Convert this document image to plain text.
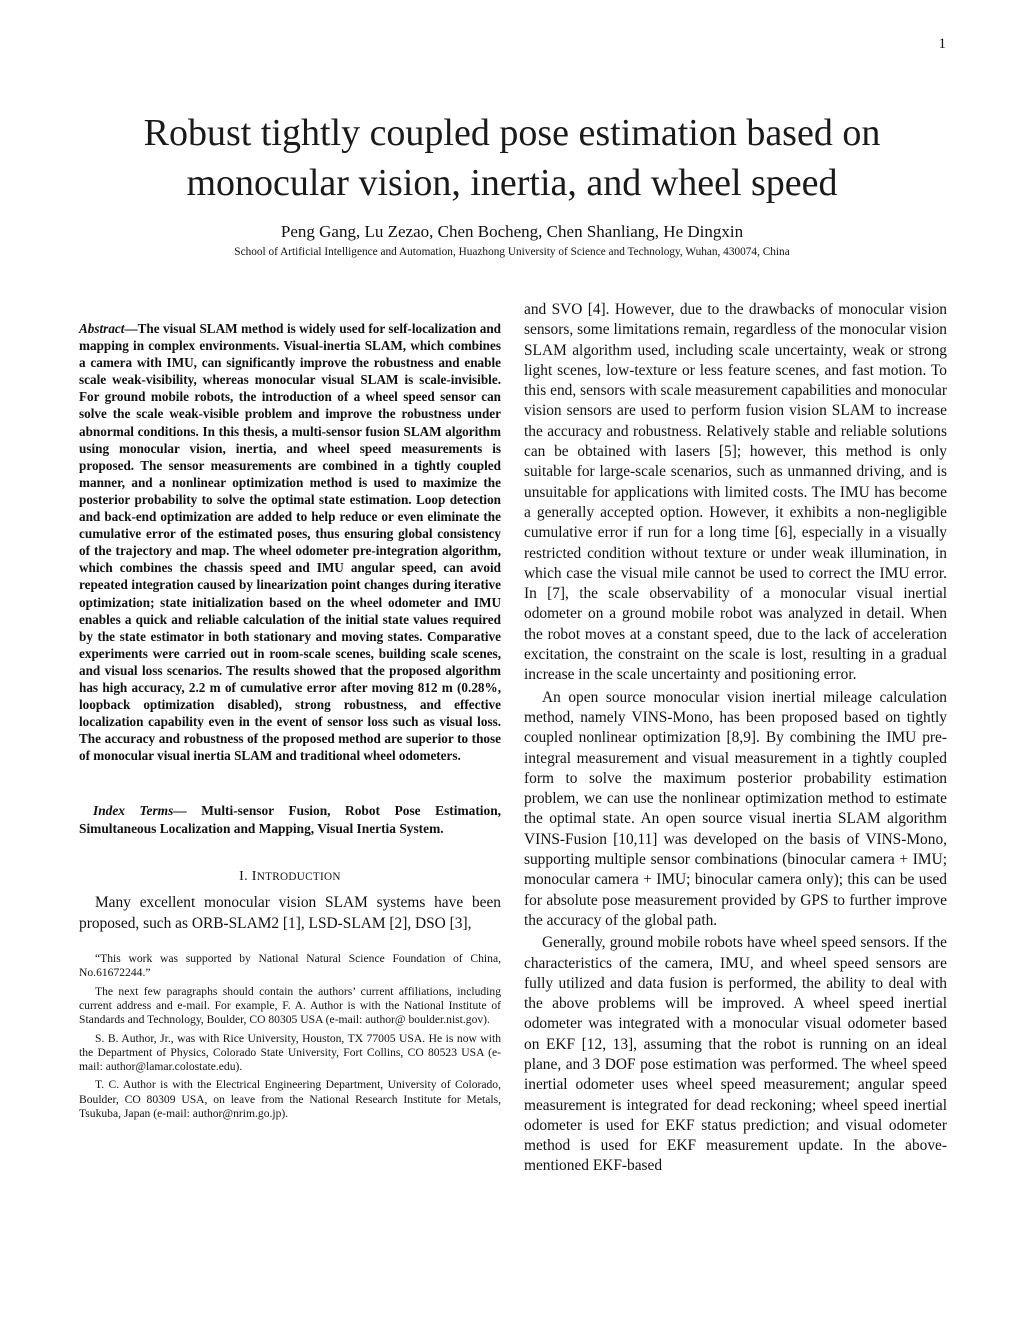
1
Robust tightly coupled pose estimation based on
monocular vision, inertia, and wheel speed
Peng Gang, Lu Zezao, Chen Bocheng, Chen Shanliang, He Dingxin
School of Artificial Intelligence and Automation, Huazhong University of Science and Technology, Wuhan, 430074, China

Abstract—The visual SLAM method is widely used for self-localization and mapping in complex environments. Visual-inertia SLAM, which combines a camera with IMU, can significantly improve the robustness and enable scale weak-visibility, whereas monocular visual SLAM is scale-invisible. For ground mobile robots, the introduction of a wheel speed sensor can solve the scale weak-visible problem and improve the robustness under abnormal conditions. In this thesis, a multi-sensor fusion SLAM algorithm using monocular vision, inertia, and wheel speed measurements is proposed. The sensor measurements are combined in a tightly coupled manner, and a nonlinear optimization method is used to maximize the posterior probability to solve the optimal state estimation. Loop detection and back-end optimization are added to help reduce or even eliminate the cumulative error of the estimated poses, thus ensuring global consistency of the trajectory and map. The wheel odometer pre-integration algorithm, which combines the chassis speed and IMU angular speed, can avoid repeated integration caused by linearization point changes during iterative optimization; state initialization based on the wheel odometer and IMU enables a quick and reliable calculation of the initial state values required by the state estimator in both stationary and moving states. Comparative experiments were carried out in room-scale scenes, building scale scenes, and visual loss scenarios. The results showed that the proposed algorithm has high accuracy, 2.2 m of cumulative error after moving 812 m (0.28%, loopback optimization disabled), strong robustness, and effective localization capability even in the event of sensor loss such as visual loss. The accuracy and robustness of the proposed method are superior to those of monocular visual inertia SLAM and traditional wheel odometers.

Index Terms— Multi-sensor Fusion, Robot Pose Estimation, Simultaneous Localization and Mapping, Visual Inertia System.

I. INTRODUCTION

Many excellent monocular vision SLAM systems have been proposed, such as ORB-SLAM2 [1], LSD-SLAM [2], DSO [3],

“This work was supported by National Natural Science Foundation of China, No.61672244.”

The next few paragraphs should contain the authors’ current affiliations, including current address and e-mail. For example, F. A. Author is with the National Institute of Standards and Technology, Boulder, CO 80305 USA (e-mail: author@ boulder.nist.gov).

S. B. Author, Jr., was with Rice University, Houston, TX 77005 USA. He is now with the Department of Physics, Colorado State University, Fort Collins, CO 80523 USA (e-mail: author@lamar.colostate.edu).

T. C. Author is with the Electrical Engineering Department, University of Colorado, Boulder, CO 80309 USA, on leave from the National Research Institute for Metals, Tsukuba, Japan (e-mail: author@nrim.go.jp).

and SVO [4]. However, due to the drawbacks of monocular vision sensors, some limitations remain, regardless of the monocular vision SLAM algorithm used, including scale uncertainty, weak or strong light scenes, low-texture or less feature scenes, and fast motion. To this end, sensors with scale measurement capabilities and monocular vision sensors are used to perform fusion vision SLAM to increase the accuracy and robustness. Relatively stable and reliable solutions can be obtained with lasers [5]; however, this method is only suitable for large-scale scenarios, such as unmanned driving, and is unsuitable for applications with limited costs. The IMU has become a generally accepted option. However, it exhibits a non-negligible cumulative error if run for a long time [6], especially in a visually restricted condition without texture or under weak illumination, in which case the visual mile cannot be used to correct the IMU error. In [7], the scale observability of a monocular visual inertial odometer on a ground mobile robot was analyzed in detail. When the robot moves at a constant speed, due to the lack of acceleration excitation, the constraint on the scale is lost, resulting in a gradual increase in the scale uncertainty and positioning error.

An open source monocular vision inertial mileage calculation method, namely VINS-Mono, has been proposed based on tightly coupled nonlinear optimization [8,9]. By combining the IMU pre-integral measurement and visual measurement in a tightly coupled form to solve the maximum posterior probability estimation problem, we can use the nonlinear optimization method to estimate the optimal state. An open source visual inertia SLAM algorithm VINS-Fusion [10,11] was developed on the basis of VINS-Mono, supporting multiple sensor combinations (binocular camera + IMU; monocular camera + IMU; binocular camera only); this can be used for absolute pose measurement provided by GPS to further improve the accuracy of the global path.

Generally, ground mobile robots have wheel speed sensors. If the characteristics of the camera, IMU, and wheel speed sensors are fully utilized and data fusion is performed, the ability to deal with the above problems will be improved. A wheel speed inertial odometer was integrated with a monocular visual odometer based on EKF [12, 13], assuming that the robot is running on an ideal plane, and 3 DOF pose estimation was performed. The wheel speed inertial odometer uses wheel speed measurement; angular speed measurement is integrated for dead reckoning; wheel speed inertial odometer is used for EKF status prediction; and visual odometer method is used for EKF measurement update. In the above-mentioned EKF-based
